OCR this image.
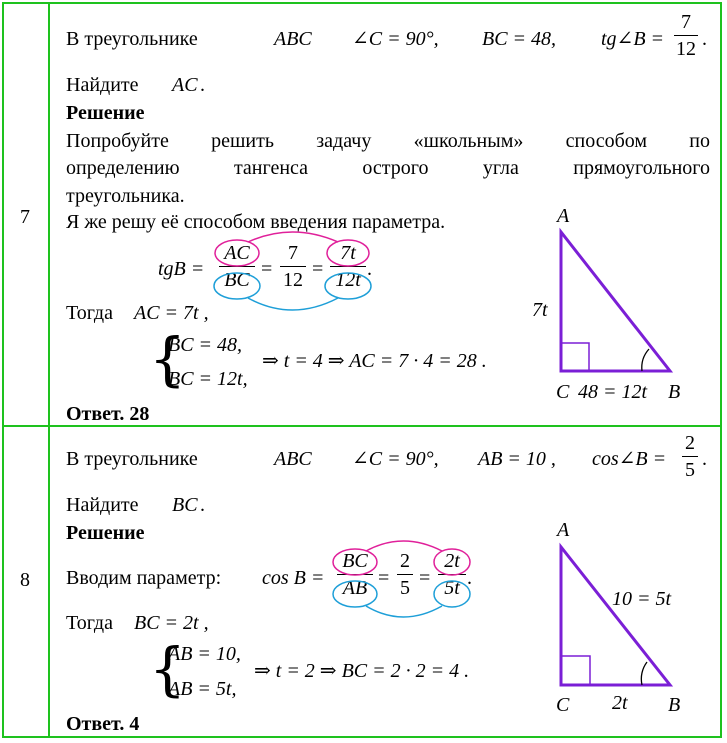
7
В треугольнике	ABC ∠C = 90°, BC = 48, tg∠B =
7
12 .
Найдите AC .
Решение
Попробуйте решить задачу «школьным» способом по
определению тангенса острого угла прямоугольного
треугольника.
Я же решу её способом введения параметра.
tgB =
AC
BC =
7
12 =
7t
12t .
Тогда AC = 7t ,
{
BC = 48,
BC = 12t,
⇒ t = 4 ⇒ AC = 7 · 4 = 28 .
Ответ. 28
A
7t
C 48 = 12t B
8
В треугольнике	ABC ∠C = 90°, AB = 10 , cos∠B =
2
5 .
Найдите BC .
Решение
Вводим параметр: cos B =
BC
AB =
2
5 =
2t
5t .
Тогда BC = 2t ,
{
AB = 10,
AB = 5t,
⇒ t = 2 ⇒ BC = 2 · 2 = 4 .
Ответ. 4
A
10 = 5t
C 2t B
